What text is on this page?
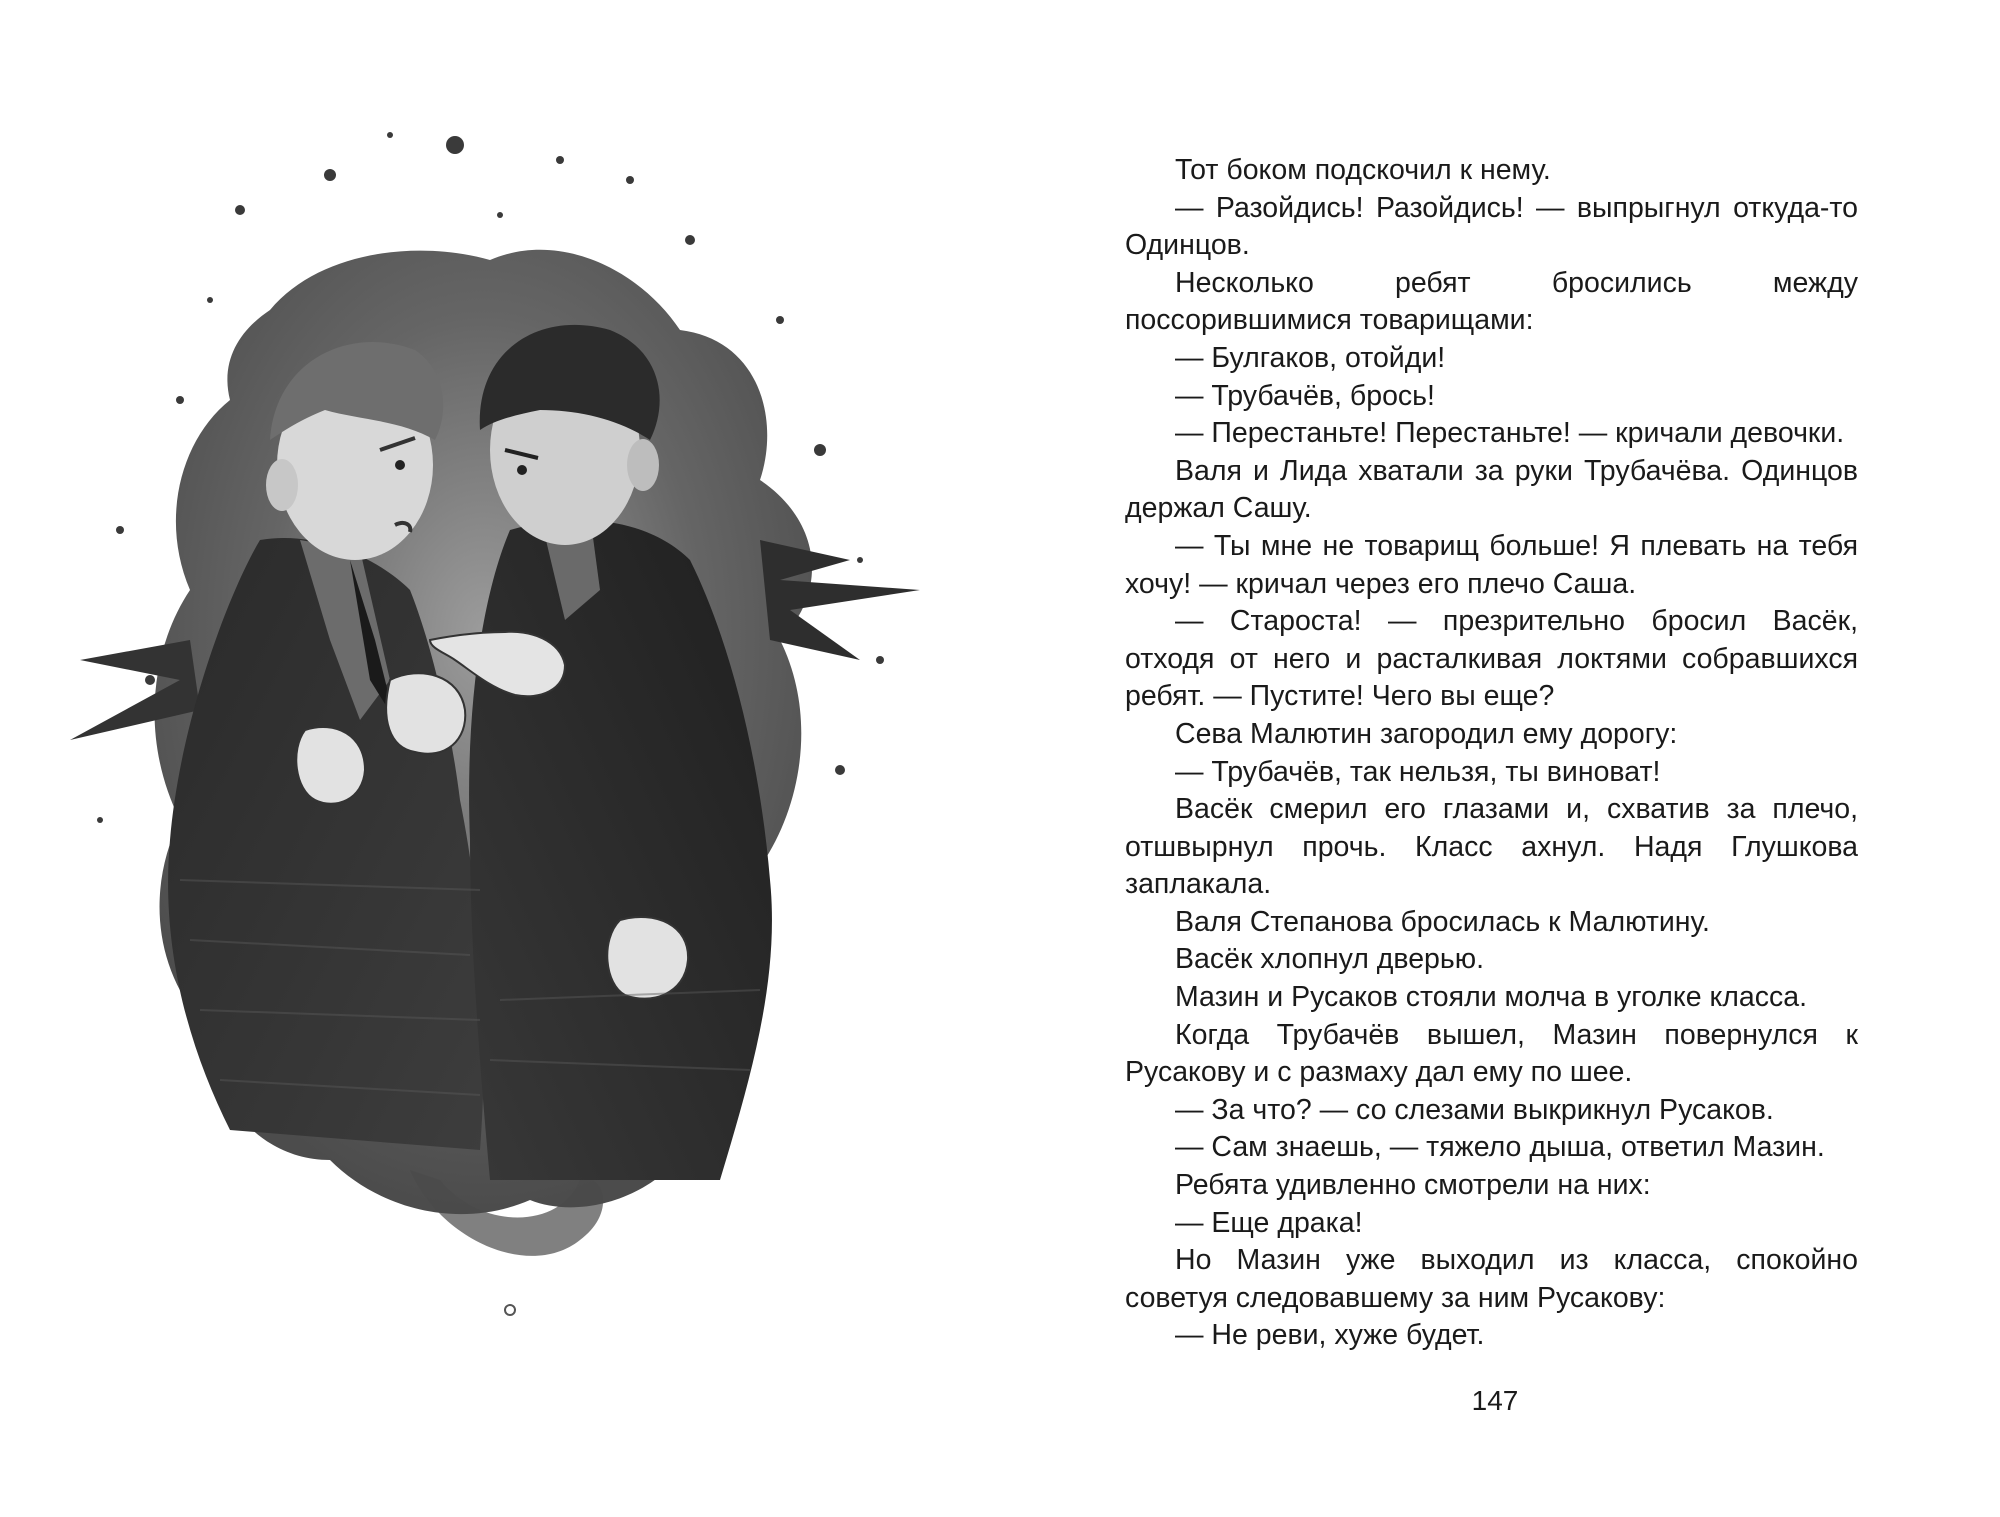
Тот боком подскочил к нему.

— Разойдись! Разойдись! — выпрыгнул откуда-то Одинцов.

Несколько ребят бросились между поссорившимися товарищами:

— Булгаков, отойди!

— Трубачёв, брось!

— Перестаньте! Перестаньте! — кричали девочки.

Валя и Лида хватали за руки Трубачёва. Одинцов держал Сашу.

— Ты мне не товарищ больше! Я плевать на тебя хочу! — кричал через его плечо Саша.

— Староста! — презрительно бросил Васёк, отходя от него и расталкивая локтями собравшихся ребят. — Пустите! Чего вы еще?

Сева Малютин загородил ему дорогу:

— Трубачёв, так нельзя, ты виноват!

Васёк смерил его глазами и, схватив за плечо, отшвырнул прочь. Класс ахнул. Надя Глушкова заплакала.

Валя Степанова бросилась к Малютину.

Васёк хлопнул дверью.

Мазин и Русаков стояли молча в уголке класса.

Когда Трубачёв вышел, Мазин повернулся к Русакову и с размаху дал ему по шее.

— За что? — со слезами выкрикнул Русаков.

— Сам знаешь, — тяжело дыша, ответил Мазин.

Ребята удивленно смотрели на них:

— Еще драка!

Но Мазин уже выходил из класса, спокойно советуя следовавшему за ним Русакову:

— Не реви, хуже будет.

147
